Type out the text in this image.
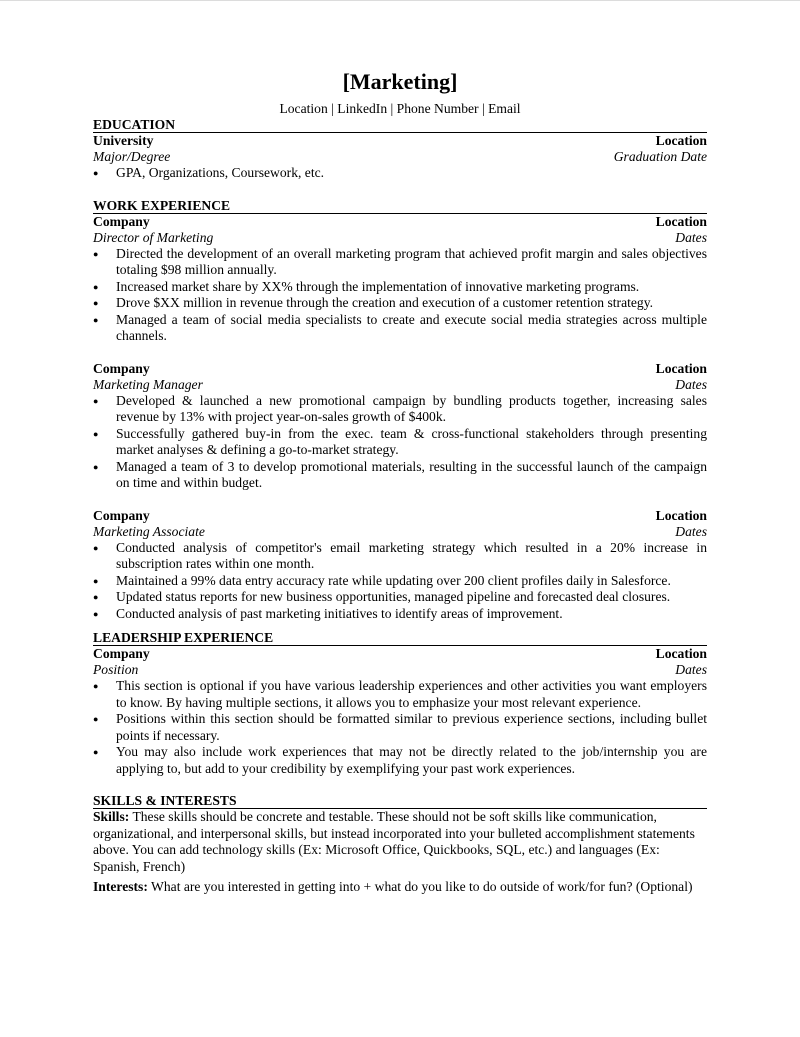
[Marketing]
Location | LinkedIn | Phone Number | Email
EDUCATION
University	Location
Major/Degree	Graduation Date
● GPA, Organizations, Coursework, etc.
WORK EXPERIENCE
Company	Location
Director of Marketing	Dates
● Directed the development of an overall marketing program that achieved profit margin and sales objectives totaling $98 million annually.
● Increased market share by XX% through the implementation of innovative marketing programs.
● Drove $XX million in revenue through the creation and execution of a customer retention strategy.
● Managed a team of social media specialists to create and execute social media strategies across multiple channels.
Company	Location
Marketing Manager	Dates
● Developed & launched a new promotional campaign by bundling products together, increasing sales revenue by 13% with project year-on-sales growth of $400k.
● Successfully gathered buy-in from the exec. team & cross-functional stakeholders through presenting market analyses & defining a go-to-market strategy.
● Managed a team of 3 to develop promotional materials, resulting in the successful launch of the campaign on time and within budget.
Company	Location
Marketing Associate	Dates
● Conducted analysis of competitor's email marketing strategy which resulted in a 20% increase in subscription rates within one month.
● Maintained a 99% data entry accuracy rate while updating over 200 client profiles daily in Salesforce.
● Updated status reports for new business opportunities, managed pipeline and forecasted deal closures.
● Conducted analysis of past marketing initiatives to identify areas of improvement.
LEADERSHIP EXPERIENCE
Company	Location
Position	Dates
● This section is optional if you have various leadership experiences and other activities you want employers to know. By having multiple sections, it allows you to emphasize your most relevant experience.
● Positions within this section should be formatted similar to previous experience sections, including bullet points if necessary.
● You may also include work experiences that may not be directly related to the job/internship you are applying to, but add to your credibility by exemplifying your past work experiences.
SKILLS & INTERESTS
Skills: These skills should be concrete and testable. These should not be soft skills like communication, organizational, and interpersonal skills, but instead incorporated into your bulleted accomplishment statements above. You can add technology skills (Ex: Microsoft Office, Quickbooks, SQL, etc.) and languages (Ex: Spanish, French)
Interests: What are you interested in getting into + what do you like to do outside of work/for fun? (Optional)
